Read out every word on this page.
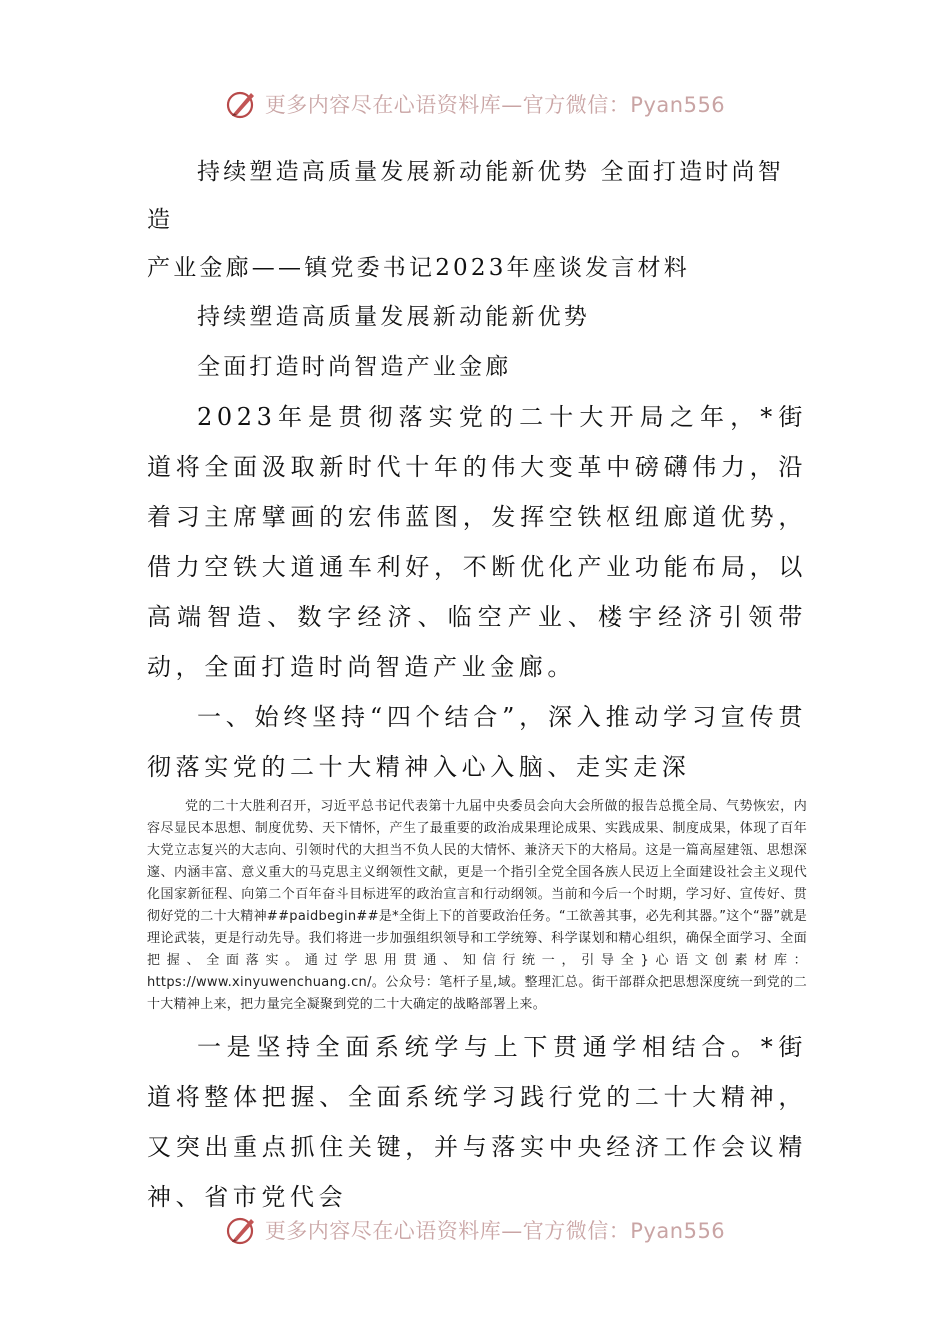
更多内容尽在心语资料库—官方微信：Pyan556

持续塑造高质量发展新动能新优势 全面打造时尚智造

产业金廊——镇党委书记2023年座谈发言材料

持续塑造高质量发展新动能新优势

全面打造时尚智造产业金廊

2023年是贯彻落实党的二十大开局之年，*街道将全面汲取新时代十年的伟大变革中磅礴伟力，沿着习主席擘画的宏伟蓝图，发挥空铁枢纽廊道优势，借力空铁大道通车利好，不断优化产业功能布局，以高端智造、数字经济、临空产业、楼宇经济引领带动，全面打造时尚智造产业金廊。

一、始终坚持“四个结合”，深入推动学习宣传贯彻落实党的二十大精神入心入脑、走实走深

党的二十大胜利召开，习近平总书记代表第十九届中央委员会向大会所做的报告总揽全局、气势恢宏，内容尽显民本思想、制度优势、天下情怀，产生了最重要的政治成果理论成果、实践成果、制度成果，体现了百年大党立志复兴的大志向、引领时代的大担当不负人民的大情怀、兼济天下的大格局。这是一篇高屋建瓴、思想深邃、内涵丰富、意义重大的马克思主义纲领性文献，更是一个指引全党全国各族人民迈上全面建设社会主义现代化国家新征程、向第二个百年奋斗目标进军的政治宣言和行动纲领。当前和今后一个时期，学习好、宣传好、贯彻好党的二十大精神##paidbegin##是*全街上下的首要政治任务。“工欲善其事，必先利其器。”这个“器”就是理论武装，更是行动先导。我们将进一步加强组织领导和工学统筹、科学谋划和精心组织，确保全面学习、全面把握、全面落实。通过学思用贯通、知信行统一，引导全}心语文创素材库：https://www.xinyuwenchuang.cn/。公众号：笔杆子星,域。整理汇总。街干部群众把思想深度统一到党的二十大精神上来，把力量完全凝聚到党的二十大确定的战略部署上来。

一是坚持全面系统学与上下贯通学相结合。*街道将整体把握、全面系统学习践行党的二十大精神，又突出重点抓住关键，并与落实中央经济工作会议精神、省市党代会

更多内容尽在心语资料库—官方微信：Pyan556
